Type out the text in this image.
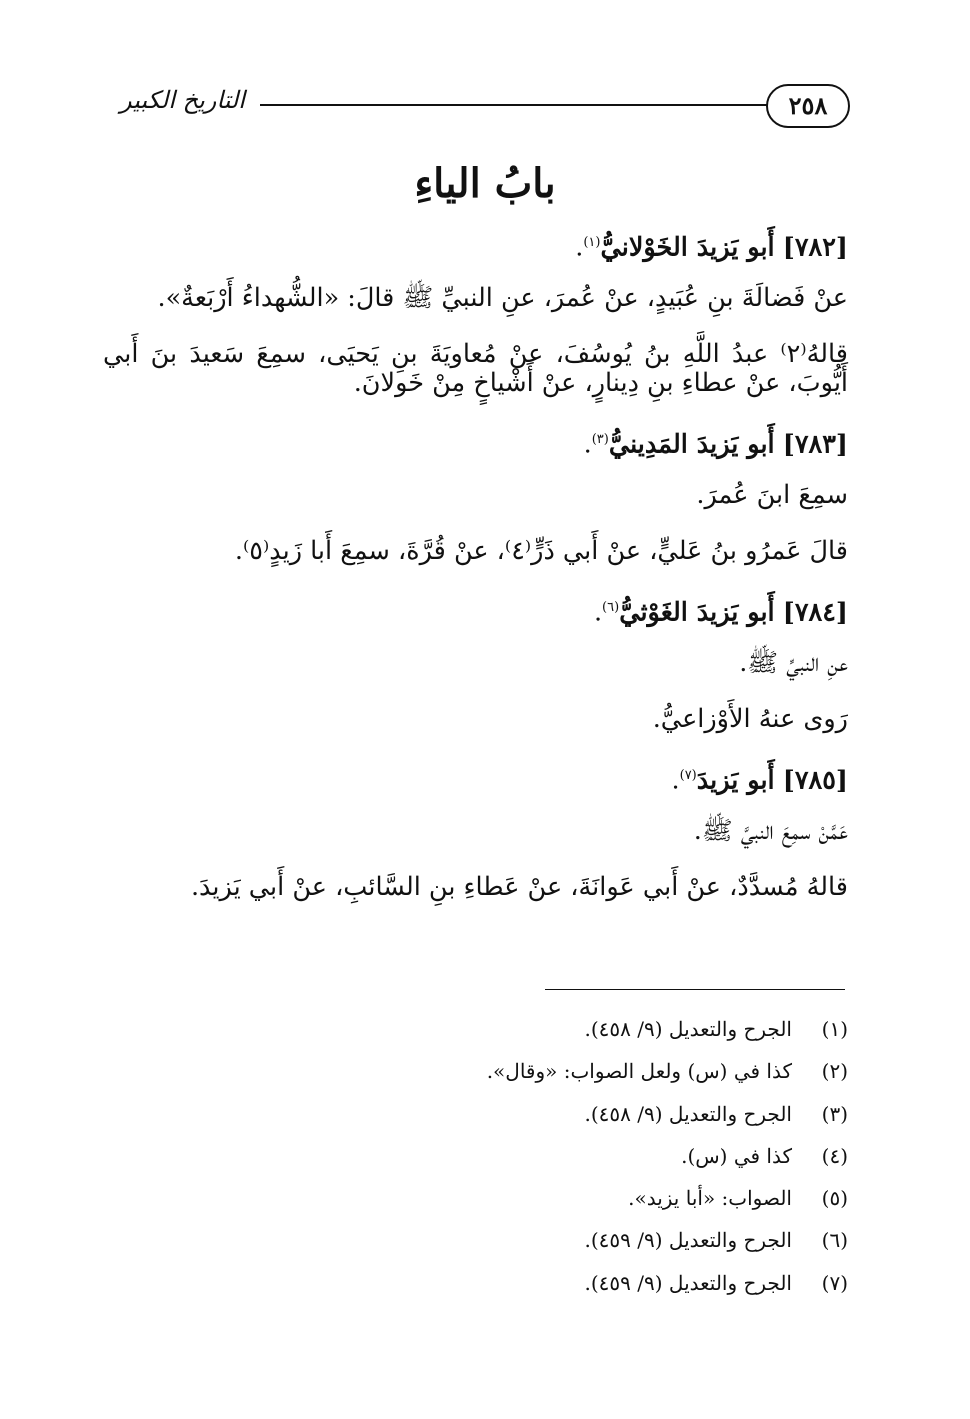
٢٥٨
التاريخ الكبير
بابُ الياءِ

[٧٨٢] أَبو يَزيدَ الخَوْلانيُّ$^{(١)}$.

عنْ فَضالَةَ بنِ عُبَيدٍ، عنْ عُمرَ، عنِ النبيِّ ﷺ قالَ: «الشُّهداءُ أَرْبَعةٌ».

قالهُ⁽٢⁾ عبدُ اللَّهِ بنُ يُوسُفَ، عنْ مُعاويَةَ بنِ يَحيَى، سمِعَ سَعيدَ بنَ أَبي أَيُّوبَ، عنْ عطاءِ بنِ دِينارٍ، عنْ أَشْياخٍ مِنْ خَولانَ.

[٧٨٣] أَبو يَزيدَ المَدِينيُّ$^{(٣)}$.

سمِعَ ابنَ عُمرَ.

قالَ عَمرُو بنُ عَليٍّ، عنْ أَبي ذَرٍّ⁽٤⁾، عنْ قُرَّةَ، سمِعَ أَبا زَيدٍ⁽٥⁾.

[٧٨٤] أَبو يَزيدَ الغَوْثيُّ$^{(٦)}$.

عنِ النبيِّ ﷺ.

رَوى عنهُ الأَوْزاعيُّ.

[٧٨٥] أَبو يَزيدَ$^{(٧)}$.

عَمَّنْ سمِعَ النبيَّ ﷺ.

قالهُ مُسدَّدٌ، عنْ أَبي عَوانَةَ، عنْ عَطاءِ بنِ السَّائبِ، عنْ أَبي يَزيدَ.

(١)الجرح والتعديل (٩/ ٤٥٨).
(٢)كذا في (س) ولعل الصواب: «وقال».
(٣)الجرح والتعديل (٩/ ٤٥٨).
(٤)كذا في (س).
(٥)الصواب: «أبا يزيد».
(٦)الجرح والتعديل (٩/ ٤٥٩).
(٧)الجرح والتعديل (٩/ ٤٥٩).
